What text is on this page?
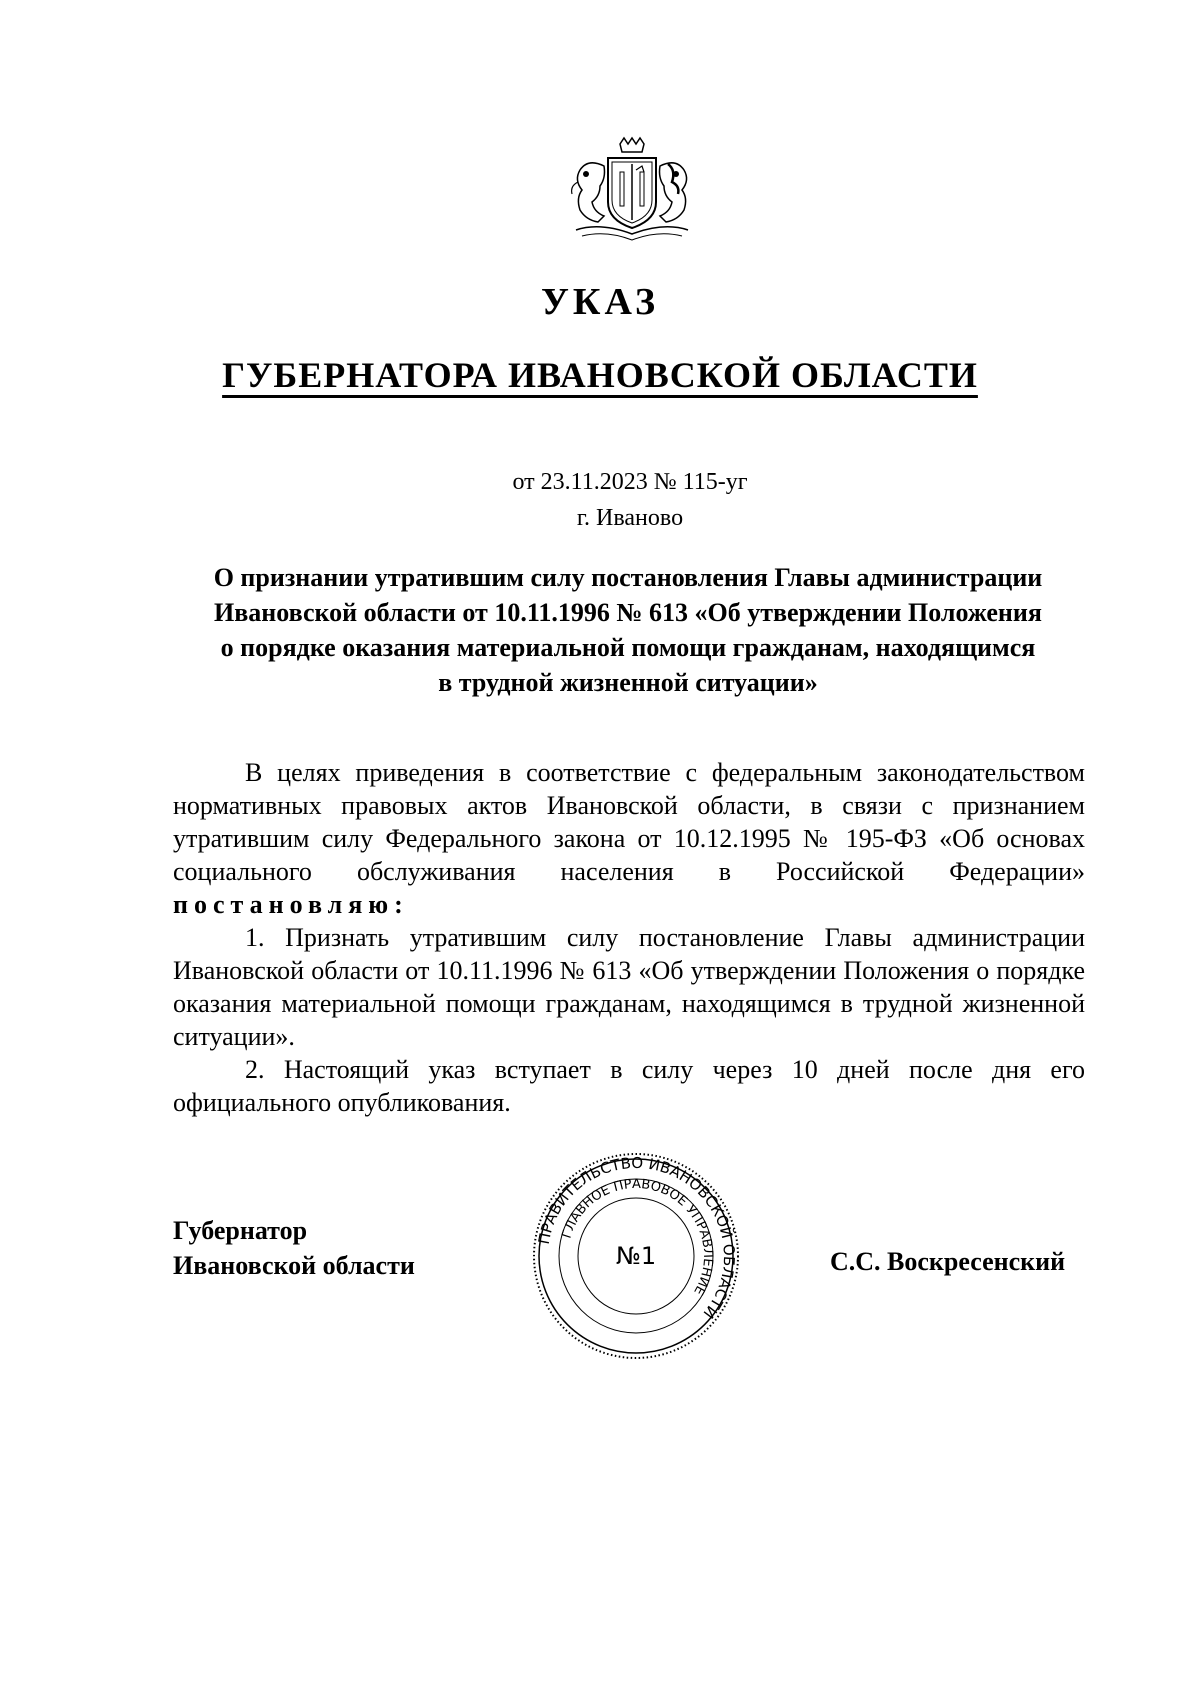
УКАЗ
ГУБЕРНАТОРА ИВАНОВСКОЙ ОБЛАСТИ
от 23.11.2023 № 115-уг
г. Иваново
О признании утратившим силу постановления Главы администрации
Ивановской области от 10.11.1996 № 613 «Об утверждении Положения
о порядке оказания материальной помощи гражданам, находящимся
в трудной жизненной ситуации»

В целях приведения в соответствие с федеральным законодательством нормативных правовых актов Ивановской области, в связи с признанием утратившим силу Федерального закона от 10.12.1995 № 195-ФЗ «Об основах социального обслуживания населения в Российской Федерации» постановляю:

1. Признать утратившим силу постановление Главы администрации Ивановской области от 10.11.1996 № 613 «Об утверждении Положения о порядке оказания материальной помощи гражданам, находящимся в трудной жизненной ситуации».

2. Настоящий указ вступает в силу через 10 дней после дня его официального опубликования.

Губернатор
Ивановской области
ПРАВИТЕЛЬСТВО ИВАНОВСКОЙ ОБЛАСТИ
ГЛАВНОЕ ПРАВОВОЕ УПРАВЛЕНИЕ
№1	С.С. Воскресенский
